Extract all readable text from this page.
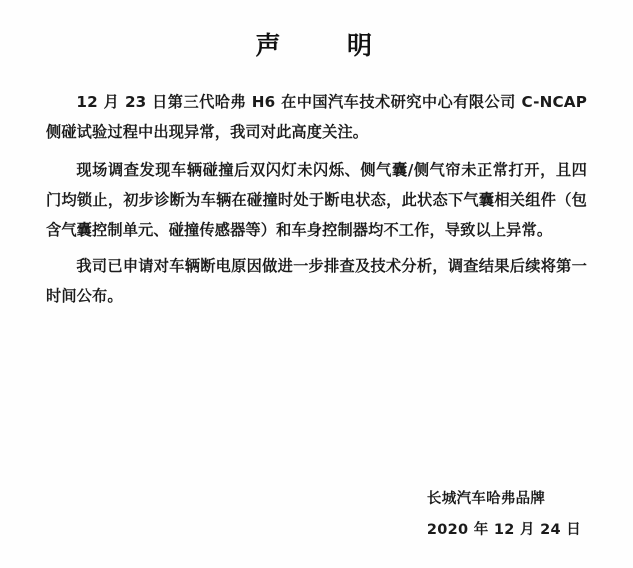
声　　明

12 月 23 日第三代哈弗 H6 在中国汽车技术研究中心有限公司 C-NCAP 侧碰试验过程中出现异常，我司对此高度关注。

现场调查发现车辆碰撞后双闪灯未闪烁、侧气囊/侧气帘未正常打开，且四门均锁止，初步诊断为车辆在碰撞时处于断电状态，此状态下气囊相关组件（包含气囊控制单元、碰撞传感器等）和车身控制器均不工作，导致以上异常。

我司已申请对车辆断电原因做进一步排查及技术分析，调查结果后续将第一时间公布。

长城汽车哈弗品牌
2020 年 12 月 24 日
